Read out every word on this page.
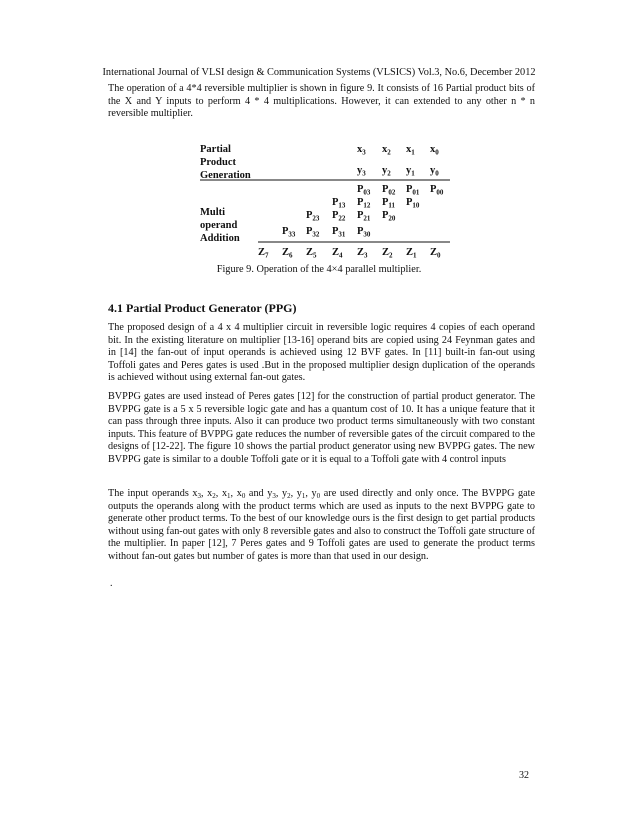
International Journal of VLSI design & Communication Systems (VLSICS) Vol.3, No.6, December 2012

The operation of a 4*4 reversible multiplier is shown in figure 9. It consists of 16 Partial product bits of the X and Y inputs to perform 4 * 4 multiplications. However, it can extended to any other n * n reversible multiplier.

Partial
Product
Generation
Multi
operand
Addition
$x_3$ $x_2$ $x_1$ $x_0$
$y_3$ $y_2$ $y_1$ $y_0$
$P_{03}$ $P_{02}$ $P_{01}$ $P_{00}$
$P_{13}$ $P_{12}$ $P_{11}$ $P_{10}$
$P_{23}$ $P_{22}$ $P_{21}$ $P_{20}$
$P_{33}$ $P_{32}$ $P_{31}$ $P_{30}$
$Z_7$ $Z_6$ $Z_5$ $Z_4$ $Z_3$ $Z_2$ $Z_1$ $Z_0$
Figure 9. Operation of the 4×4 parallel multiplier.
4.1 Partial Product Generator (PPG)

The proposed design of a 4 x 4 multiplier circuit in reversible logic requires 4 copies of each operand bit. In the existing literature on multiplier [13-16] operand bits are copied using 24 Feynman gates and in [14] the fan-out of input operands is achieved using 12 BVF gates. In [11] built-in fan-out using Toffoli gates and Peres gates is used .But in the proposed multiplier design duplication of the operands is achieved without using external fan-out gates.

BVPPG gates are used instead of Peres gates [12] for the construction of partial product generator. The BVPPG gate is a 5 x 5 reversible logic gate and has a quantum cost of 10. It has a unique feature that it can pass through three inputs. Also it can produce two product terms simultaneously with two constant inputs. This feature of BVPPG gate reduces the number of reversible gates of the circuit compared to the designs of [12-22]. The figure 10 shows the partial product generator using new BVPPG gates. The new BVPPG gate is similar to a double Toffoli gate or it is equal to a Toffoli gate with 4 control inputs

The input operands $x_3$, $x_2$, $x_1$, $x_0$ and $y_3$, $y_2$, $y_1$, $y_0$ are used directly and only once. The BVPPG gate outputs the operands along with the product terms which are used as inputs to the next BVPPG gate to generate other product terms. To the best of our knowledge ours is the first design to get partial products without using fan-out gates with only 8 reversible gates and also to construct the Toffoli gate structure of the multiplier. In paper [12], 7 Peres gates and 9 Toffoli gates are used to generate the product terms without fan-out gates but number of gates is more than that used in our design.

.
32
